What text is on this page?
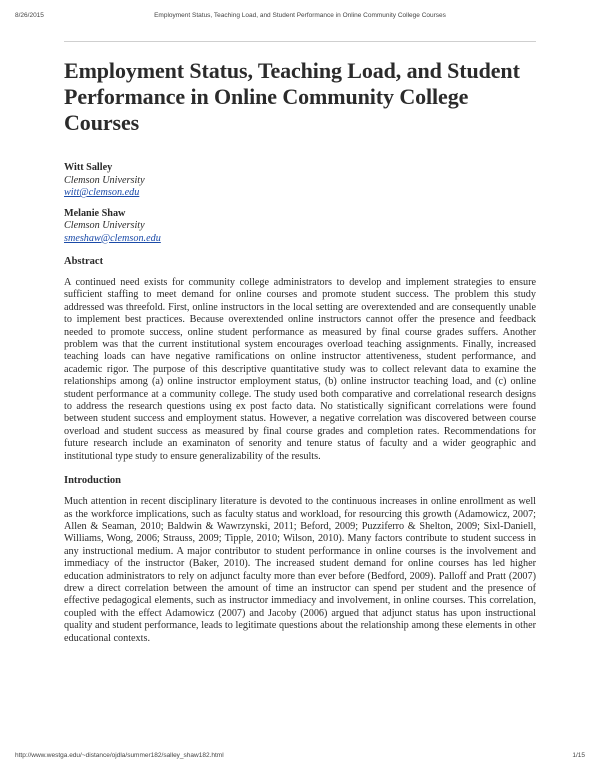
8/26/2015	Employment Status, Teaching Load, and Student Performance in Online Community College Courses
Employment Status, Teaching Load, and Student Performance in Online Community College Courses
Witt Salley
Clemson University
witt@clemson.edu
Melanie Shaw
Clemson University
smeshaw@clemson.edu
Abstract

A continued need exists for community college administrators to develop and implement strategies to ensure sufficient staffing to meet demand for online courses and promote student success. The problem this study addressed was threefold. First, online instructors in the local setting are overextended and are consequently unable to implement best practices. Because overextended online instructors cannot offer the presence and feedback needed to promote success, online student performance as measured by final course grades suffers. Another problem was that the current institutional system encourages overload teaching assignments. Finally, increased teaching loads can have negative ramifications on online instructor attentiveness, student performance, and academic rigor. The purpose of this descriptive quantitative study was to collect relevant data to examine the relationships among (a) online instructor employment status, (b) online instructor teaching load, and (c) online student performance at a community college. The study used both comparative and correlational research designs to address the research questions using ex post facto data. No statistically significant correlations were found between student success and employment status. However, a negative correlation was discovered between course overload and student success as measured by final course grades and completion rates. Recommendations for future research include an examinaton of senority and tenure status of faculty and a wider geographic and institutional type study to ensure generalizability of the results.

Introduction

Much attention in recent disciplinary literature is devoted to the continuous increases in online enrollment as well as the workforce implications, such as faculty status and workload, for resourcing this growth (Adamowicz, 2007; Allen & Seaman, 2010; Baldwin & Wawrzynski, 2011; Beford, 2009; Puzziferro & Shelton, 2009; Sixl-Daniell, Williams, Wong, 2006; Strauss, 2009; Tipple, 2010; Wilson, 2010). Many factors contribute to student success in any instructional medium. A major contributor to student performance in online courses is the involvement and immediacy of the instructor (Baker, 2010). The increased student demand for online courses has led higher education administrators to rely on adjunct faculty more than ever before (Bedford, 2009). Palloff and Pratt (2007) drew a direct correlation between the amount of time an instructor can spend per student and the presence of effective pedagogical elements, such as instructor immediacy and involvement, in online courses. This correlation, coupled with the effect Adamowicz (2007) and Jacoby (2006) argued that adjunct status has upon instructional quality and student performance, leads to legitimate questions about the relationship among these elements in other educational contexts.

http://www.westga.edu/~distance/ojdla/summer182/salley_shaw182.html	1/15
